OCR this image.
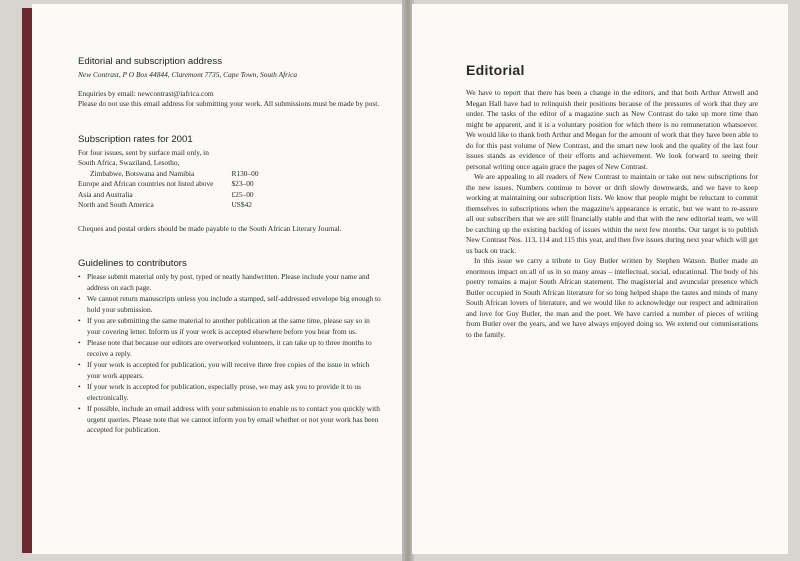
Editorial and subscription address

New Contrast, P O Box 44844, Claremont 7735, Cape Town, South Africa

Enquiries by email: newcontrast@iafrica.com

Please do not use this email address for submitting your work. All submissions must be made by post.

Subscription rates for 2001

For four issues, sent by surface mail only, in

South Africa, Swaziland, Lesotho,

Zimbabwe, Botswana and Namibia	R130–00
Europe and African countries not listed above	$23–00
Asia and Australia	£25–00
North and South America	US$42

Cheques and postal orders should be made payable to the South African Literary Journal.

Guidelines to contributors
• Please submit material only by post, typed or neatly handwritten. Please include your name and address on each page.
• We cannot return manuscripts unless you include a stamped, self-addressed envelope big enough to hold your submission.
• If you are submitting the same material to another publication at the same time, please say so in your covering letter. Inform us if your work is accepted elsewhere before you hear from us.
• Please note that because our editors are overworked volunteers, it can take up to three months to receive a reply.
• If your work is accepted for publication, you will receive three free copies of the issue in which your work appears.
• If your work is accepted for publication, especially prose, we may ask you to provide it to us electronically.
• If possible, include an email address with your submission to enable us to contact you quickly with urgent queries. Please note that we cannot inform you by email whether or not your work has been accepted for publication.
Editorial

We have to report that there has been a change in the editors, and that both Arthur Attwell and Megan Hall have had to relinquish their positions because of the pressures of work that they are under. The tasks of the editor of a magazine such as New Contrast do take up more time than might be apparent, and it is a voluntary position for which there is no remuneration whatsoever. We would like to thank both Arthur and Megan for the amount of work that they have been able to do for this past volume of New Contrast, and the smart new look and the quality of the last four issues stands as evidence of their efforts and achievement. We look forward to seeing their personal writing once again grace the pages of New Contrast.

We are appealing to all readers of New Contrast to maintain or take out new subscriptions for the new issues. Numbers continue to hover or drift slowly downwards, and we have to keep working at maintaining our subscription lists. We know that people might be reluctant to commit themselves to subscriptions when the magazine's appearance is erratic, but we want to re-assure all our subscribers that we are still financially stable and that with the new editorial team, we will be catching up the existing backlog of issues within the next few months. Our target is to publish New Contrast Nos. 113, 114 and 115 this year, and then five issues during next year which will get us back on track.

In this issue we carry a tribute to Guy Butler written by Stephen Watson. Butler made an enormous impact on all of us in so many areas – intellectual, social, educational. The body of his poetry remains a major South African statement. The magisterial and avuncular presence which Butler occupied in South African literature for so long helped shape the tastes and minds of many South African lovers of literature, and we would like to acknowledge our respect and admiration and love for Guy Butler, the man and the poet. We have carried a number of pieces of writing from Butler over the years, and we have always enjoyed doing so. We extend our commiserations to the family.
